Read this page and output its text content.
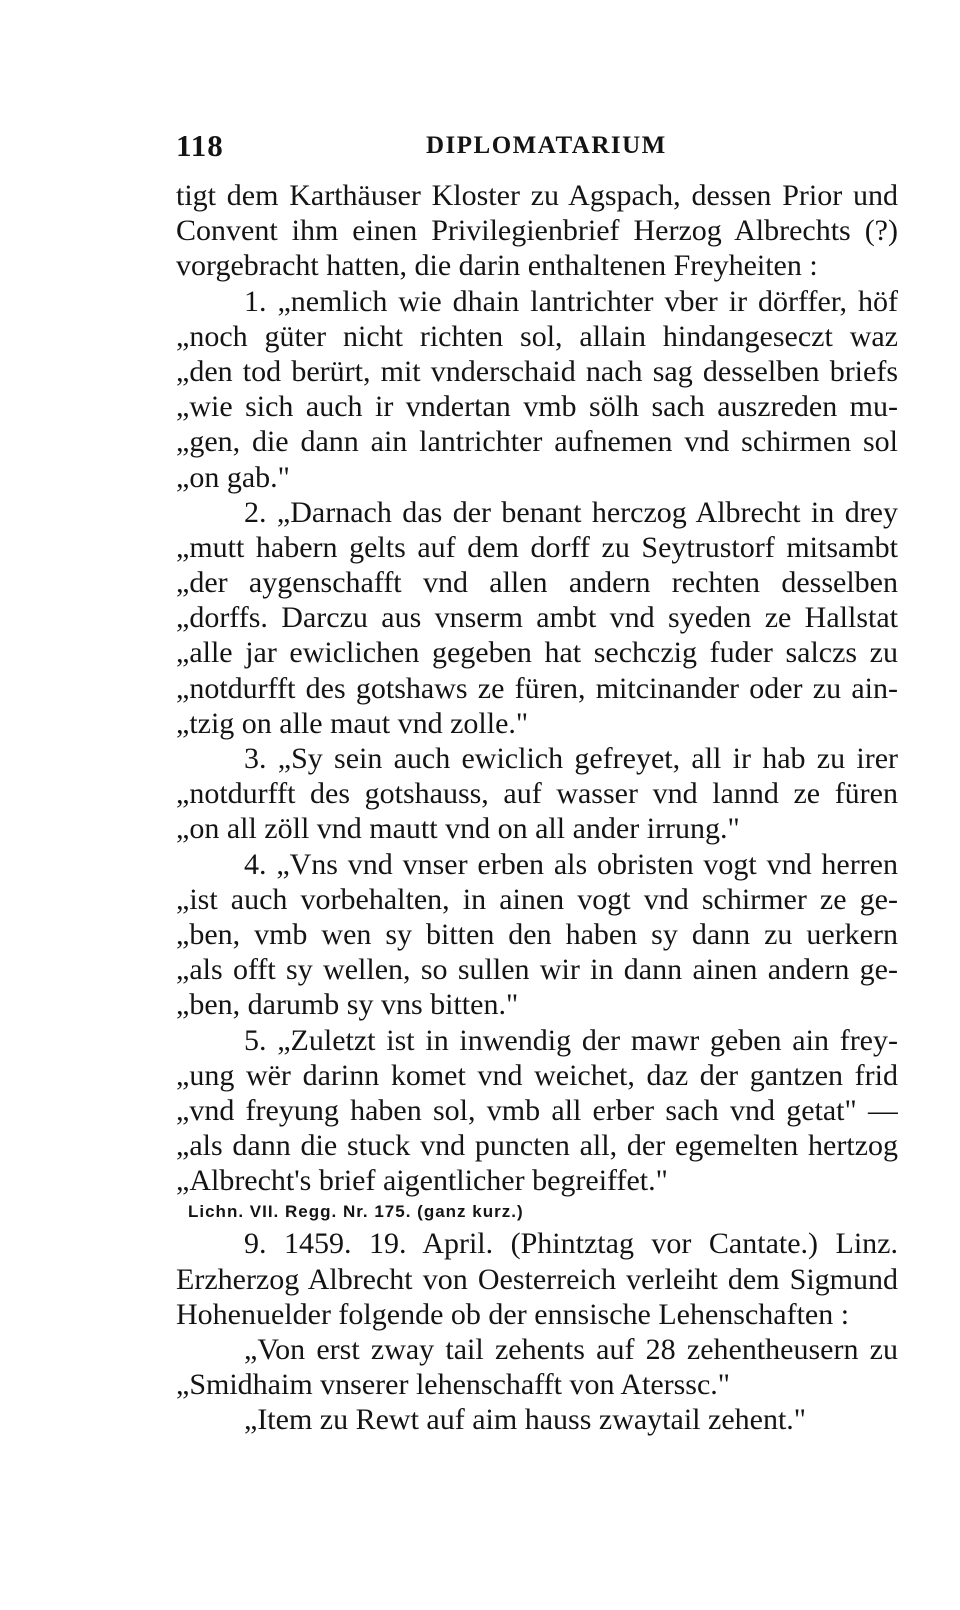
118	DIPLOMATARIUM
tigt dem Karthäuser Kloster zu Agspach, dessen Prior und
Convent ihm einen Privilegienbrief Herzog Albrechts (?)
vorgebracht hatten, die darin enthaltenen Freyheiten :
1. „nemlich wie dhain lantrichter vber ir dörffer, höf
„noch güter nicht richten sol, allain hindangeseczt waz
„den tod berürt, mit vnderschaid nach sag desselben briefs
„wie sich auch ir vndertan vmb sölh sach auszreden mu-
„gen, die dann ain lantrichter aufnemen vnd schirmen sol
„on gab."
2. „Darnach das der benant herczog Albrecht in drey
„mutt habern gelts auf dem dorff zu Seytrustorf mitsambt
„der aygenschafft vnd allen andern rechten desselben
„dorffs. Darczu aus vnserm ambt vnd syeden ze Hallstat
„alle jar ewiclichen gegeben hat sechczig fuder salczs zu
„notdurfft des gotshaws ze füren, mitcinander oder zu ain-
„tzig on alle maut vnd zolle."
3. „Sy sein auch ewiclich gefreyet, all ir hab zu irer
„notdurfft des gotshauss, auf wasser vnd lannd ze füren
„on all zöll vnd mautt vnd on all ander irrung."
4. „Vns vnd vnser erben als obristen vogt vnd herren
„ist auch vorbehalten, in ainen vogt vnd schirmer ze ge-
„ben, vmb wen sy bitten den haben sy dann zu uerkern
„als offt sy wellen, so sullen wir in dann ainen andern ge-
„ben, darumb sy vns bitten."
5. „Zuletzt ist in inwendig der mawr geben ain frey-
„ung wër darinn komet vnd weichet, daz der gantzen frid
„vnd freyung haben sol, vmb all erber sach vnd getat" —
„als dann die stuck vnd puncten all, der egemelten hertzog
„Albrecht's brief aigentlicher begreiffet."
Lichn. VII. Regg. Nr. 175. (ganz kurz.)
9. 1459. 19. April. (Phintztag vor Cantate.) Linz.
Erzherzog Albrecht von Oesterreich verleiht dem Sigmund
Hohenuelder folgende ob der ennsische Lehenschaften :
„Von erst zway tail zehents auf 28 zehentheusern zu
„Smidhaim vnserer lehenschafft von Aterssc."
„Item zu Rewt auf aim hauss zwaytail zehent."
